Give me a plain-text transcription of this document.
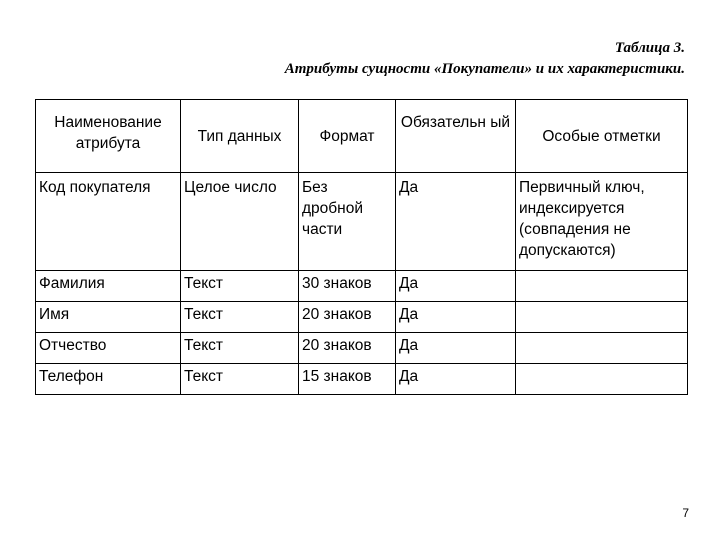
Таблица 3.
Атрибуты сущности «Покупатели» и их характеристики.
Наименование атрибута	Тип данных	Формат	Обязательн ый	Особые отметки
Код покупателя	Целое число	Без дробной части	Да	Первичный ключ, индексируется (совпадения не допускаются)
Фамилия	Текст	30 знаков	Да	
Имя	Текст	20 знаков	Да	
Отчество	Текст	20 знаков	Да	
Телефон	Текст	15 знаков	Да	
7
